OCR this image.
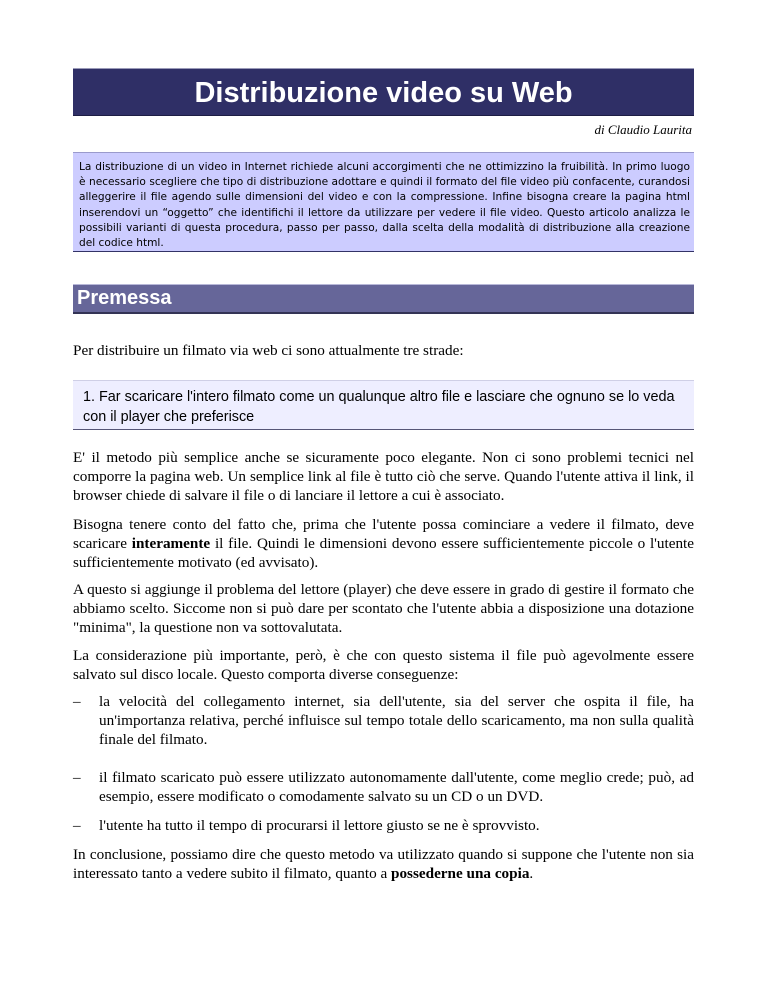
Distribuzione video su Web
di Claudio Laurita
La distribuzione di un video in Internet richiede alcuni accorgimenti che ne ottimizzino la fruibilità. In primo luogo è necessario scegliere che tipo di distribuzione adottare e quindi il formato del file video più confacente, curandosi alleggerire il file agendo sulle dimensioni del video e con la compressione. Infine bisogna creare la pagina html inserendovi un “oggetto” che identifichi il lettore da utilizzare per vedere il file video. Questo articolo analizza le possibili varianti di questa procedura, passo per passo, dalla scelta della modalità di distribuzione alla creazione del codice html.
Premessa
Per distribuire un filmato via web ci sono attualmente tre strade:
1. Far scaricare l'intero filmato come un qualunque altro file e lasciare che ognuno se lo veda con il player che preferisce
E' il metodo più semplice anche se sicuramente poco elegante. Non ci sono problemi tecnici nel comporre la pagina web. Un semplice link al file è tutto ciò che serve. Quando l'utente attiva il link, il browser chiede di salvare il file o di lanciare il lettore a cui è associato.
Bisogna tenere conto del fatto che, prima che l'utente possa cominciare a vedere il filmato, deve scaricare interamente il file. Quindi le dimensioni devono essere sufficientemente piccole o l'utente sufficientemente motivato (ed avvisato).
A questo si aggiunge il problema del lettore (player) che deve essere in grado di gestire il formato che abbiamo scelto. Siccome non si può dare per scontato che l'utente abbia a disposizione una dotazione "minima", la questione non va sottovalutata.
La considerazione più importante, però, è che con questo sistema il file può agevolmente essere salvato sul disco locale. Questo comporta diverse conseguenze:
– la velocità del collegamento internet, sia dell'utente, sia del server che ospita il file, ha un'importanza relativa, perché influisce sul tempo totale dello scaricamento, ma non sulla qualità finale del filmato.
– il filmato scaricato può essere utilizzato autonomamente dall'utente, come meglio crede; può, ad esempio, essere modificato o comodamente salvato su un CD o un DVD.
– l'utente ha tutto il tempo di procurarsi il lettore giusto se ne è sprovvisto.
In conclusione, possiamo dire che questo metodo va utilizzato quando si suppone che l'utente non sia interessato tanto a vedere subito il filmato, quanto a possederne una copia.
